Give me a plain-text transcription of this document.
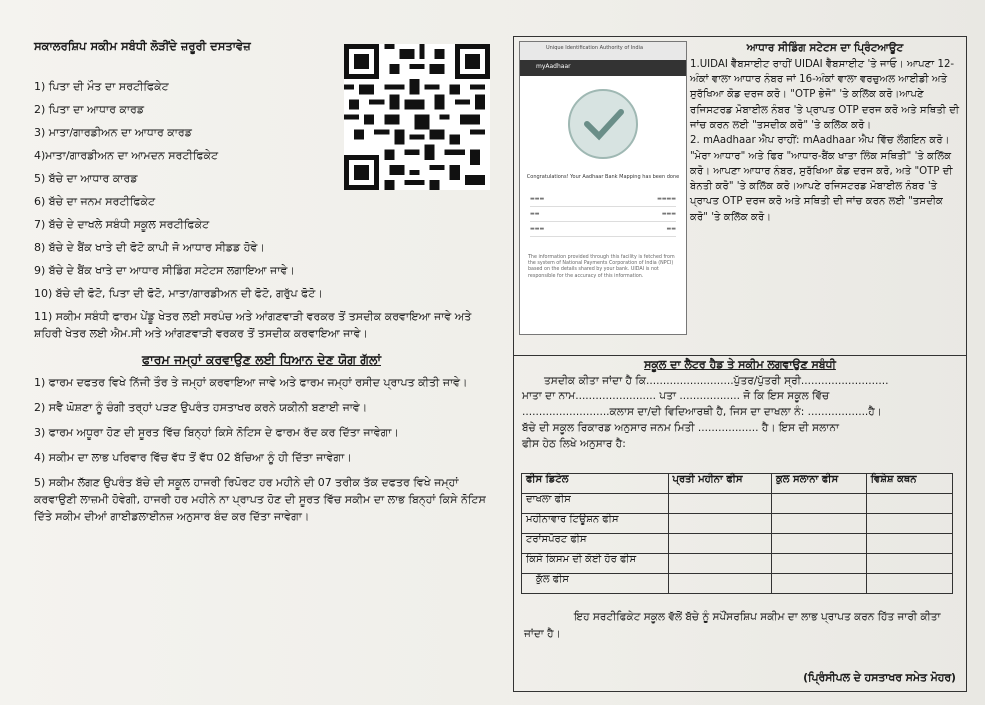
ਸਕਾਲਰਸ਼ਿਪ ਸਕੀਮ ਸਬੰਧੀ ਲੋੜੀਂਦੇ ਜ਼ਰੂਰੀ ਦਸਤਾਵੇਜ਼
1) ਪਿਤਾ ਦੀ ਮੌਤ ਦਾ ਸਰਟੀਫਿਕੇਟ
2) ਪਿਤਾ ਦਾ ਆਧਾਰ ਕਾਰਡ
3) ਮਾਤਾ/ਗਾਰਡੀਅਨ ਦਾ ਆਧਾਰ ਕਾਰਡ
4)ਮਾਤਾ/ਗਾਰਡੀਅਨ ਦਾ ਆਮਦਨ ਸਰਟੀਫਿਕੇਟ
5) ਬੱਚੇ ਦਾ ਆਧਾਰ ਕਾਰਡ
6) ਬੱਚੇ ਦਾ ਜਨਮ ਸਰਟੀਫਿਕੇਟ
7) ਬੱਚੇ ਦੇ ਦਾਖਲੇ ਸਬੰਧੀ ਸਕੂਲ ਸਰਟੀਫਿਕੇਟ
8) ਬੱਚੇ ਦੇ ਬੈਂਕ ਖਾਤੇ ਦੀ ਫੋਟੋ ਕਾਪੀ ਜੋ ਆਧਾਰ ਸੀਡਡ ਹੋਵੇ।
9) ਬੱਚੇ ਦੇ ਬੈਂਕ ਖਾਤੇ ਦਾ ਆਧਾਰ ਸੀਡਿੰਗ ਸਟੇਟਸ ਲਗਾਇਆ ਜਾਵੇ।
10) ਬੱਚੇ ਦੀ ਫੋਟੋ, ਪਿਤਾ ਦੀ ਫੋਟੋ, ਮਾਤਾ/ਗਾਰਡੀਅਨ ਦੀ ਫੋਟੋ, ਗਰੁੱਪ ਫੋਟੋ।
11) ਸਕੀਮ ਸਬੰਧੀ ਫਾਰਮ ਪੇਂਡੂ ਖੇਤਰ ਲਈ ਸਰਪੰਚ ਅਤੇ ਆਂਗਣਵਾੜੀ ਵਰਕਰ ਤੋਂ ਤਸਦੀਕ ਕਰਵਾਇਆ ਜਾਵੇ ਅਤੇ ਸ਼ਹਿਰੀ ਖੇਤਰ ਲਈ ਐਮ.ਸੀ ਅਤੇ ਆਂਗਣਵਾੜੀ ਵਰਕਰ ਤੋਂ ਤਸਦੀਕ ਕਰਵਾਇਆ ਜਾਵੇ।
ਫਾਰਮ ਜਮ੍ਹਾਂ ਕਰਵਾਉਣ ਲਈ ਧਿਆਨ ਦੇਣ ਯੋਗ ਗੱਲਾਂ

1) ਫਾਰਮ ਦਫਤਰ ਵਿਖੇ ਨਿੱਜੀ ਤੌਰ ਤੇ ਜਮ੍ਹਾਂ ਕਰਵਾਇਆ ਜਾਵੇ ਅਤੇ ਫਾਰਮ ਜਮ੍ਹਾਂ ਰਸੀਦ ਪ੍ਰਾਪਤ ਕੀਤੀ ਜਾਵੇ।

2) ਸਵੈ ਘੋਸ਼ਣਾ ਨੂੰ ਚੰਗੀ ਤਰ੍ਹਾਂ ਪੜਣ ਉਪਰੰਤ ਹਸਤਾਖਰ ਕਰਨੇ ਯਕੀਨੀ ਬਣਾਈ ਜਾਵੇ।

3) ਫਾਰਮ ਅਧੂਰਾ ਹੋਣ ਦੀ ਸੂਰਤ ਵਿੱਚ ਬਿਨ੍ਹਾਂ ਕਿਸੇ ਨੋਟਿਸ ਦੇ ਫਾਰਮ ਰੱਦ ਕਰ ਦਿੱਤਾ ਜਾਵੇਗਾ।

4) ਸਕੀਮ ਦਾ ਲਾਭ ਪਰਿਵਾਰ ਵਿੱਚ ਵੱਧ ਤੋਂ ਵੱਧ 02 ਬੱਚਿਆ ਨੂੰ ਹੀ ਦਿੱਤਾ ਜਾਵੇਗਾ।

5) ਸਕੀਮ ਲੱਗਣ ਉਪਰੰਤ ਬੱਚੇ ਦੀ ਸਕੂਲ ਹਾਜਰੀ ਰਿਪੋਰਟ ਹਰ ਮਹੀਨੇ ਦੀ 07 ਤਰੀਕ ਤੱਕ ਦਫਤਰ ਵਿਖੇ ਜਮ੍ਹਾਂ ਕਰਵਾਉਣੀ ਲਾਜ਼ਮੀ ਹੋਵੇਗੀ, ਹਾਜਰੀ ਹਰ ਮਹੀਨੇ ਨਾ ਪ੍ਰਾਪਤ ਹੋਣ ਦੀ ਸੂਰਤ ਵਿੱਚ ਸਕੀਮ ਦਾ ਲਾਭ ਬਿਨ੍ਹਾਂ ਕਿਸੇ ਨੋਟਿਸ ਦਿੱਤੇ ਸਕੀਮ ਦੀਆਂ ਗਾਈਡਲਾਈਨਜ਼ ਅਨੁਸਾਰ ਬੰਦ ਕਰ ਦਿੱਤਾ ਜਾਵੇਗਾ।

Unique Identification Authority of India
myAadhaar
Congratulations! Your Aadhaar Bank Mapping has been done
▬▬▬	▬▬▬▬
▬▬	▬▬▬
▬▬▬	▬▬
The information provided through this facility is fetched from the system of National Payments Corporation of India (NPCI) based on the details shared by your bank. UIDAI is not responsible for the accuracy of this information.
ਆਧਾਰ ਸੀਡਿੰਗ ਸਟੇਟਸ ਦਾ ਪ੍ਰਿੰਟਆਊਟ

1.UIDAI ਵੈੱਬਸਾਈਟ ਰਾਹੀਂ UIDAI ਵੈੱਬਸਾਈਟ 'ਤੇ ਜਾਓ। ਆਪਣਾ 12-ਅੰਕਾਂ ਵਾਲਾ ਆਧਾਰ ਨੰਬਰ ਜਾਂ 16-ਅੰਕਾਂ ਵਾਲਾ ਵਰਚੁਅਲ ਆਈਡੀ ਅਤੇ ਸੁਰੱਖਿਆ ਕੋਡ ਦਰਜ ਕਰੋ। "OTP ਭੇਜੋ" 'ਤੇ ਕਲਿੱਕ ਕਰੋ।ਆਪਣੇ ਰਜਿਸਟਰਡ ਮੋਬਾਈਲ ਨੰਬਰ 'ਤੇ ਪ੍ਰਾਪਤ OTP ਦਰਜ ਕਰੋ ਅਤੇ ਸਥਿਤੀ ਦੀ ਜਾਂਚ ਕਰਨ ਲਈ "ਤਸਦੀਕ ਕਰੋ" 'ਤੇ ਕਲਿੱਕ ਕਰੋ।

2. mAadhaar ਐਪ ਰਾਹੀਂ: mAadhaar ਐਪ ਵਿੱਚ ਲੌਗਇਨ ਕਰੋ। "ਮੇਰਾ ਆਧਾਰ" ਅਤੇ ਫਿਰ "ਆਧਾਰ-ਬੈਂਕ ਖਾਤਾ ਲਿੰਕ ਸਥਿਤੀ" 'ਤੇ ਕਲਿੱਕ ਕਰੋ। ਆਪਣਾ ਆਧਾਰ ਨੰਬਰ, ਸੁਰੱਖਿਆ ਕੋਡ ਦਰਜ ਕਰੋ, ਅਤੇ "OTP ਦੀ ਬੇਨਤੀ ਕਰੋ" 'ਤੇ ਕਲਿੱਕ ਕਰੋ।ਆਪਣੇ ਰਜਿਸਟਰਡ ਮੋਬਾਈਲ ਨੰਬਰ 'ਤੇ ਪ੍ਰਾਪਤ OTP ਦਰਜ ਕਰੋ ਅਤੇ ਸਥਿਤੀ ਦੀ ਜਾਂਚ ਕਰਨ ਲਈ "ਤਸਦੀਕ ਕਰੋ" 'ਤੇ ਕਲਿੱਕ ਕਰੋ।

ਸਕੂਲ ਦਾ ਲੈਟਰ ਹੈਡ ਤੇ ਸਕੀਮ ਲਗਵਾਉਣ ਸਬੰਧੀ
ਤਸਦੀਕ ਕੀਤਾ ਜਾਂਦਾ ਹੈ ਕਿ..........................ਪੁੱਤਰ/ਪੁੱਤਰੀ ਸ੍ਰੀ..........................
ਮਾਤਾ ਦਾ ਨਾਮ........................ ਪਤਾ .................. ਜੋ ਕਿ ਇਸ ਸਕੂਲ ਵਿੱਚ
..........................ਕਲਾਸ ਦਾ/ਦੀ ਵਿਦਿਆਰਥੀ ਹੈ, ਜਿਸ ਦਾ ਦਾਖਲਾ ਨੰ: ..................ਹੈ।
ਬੱਚੇ ਦੀ ਸਕੂਲ ਰਿਕਾਰਡ ਅਨੁਸਾਰ ਜਨਮ ਮਿਤੀ .................. ਹੈ। ਇਸ ਦੀ ਸਲਾਨਾ
ਫੀਸ ਹੇਠ ਲਿਖੇ ਅਨੁਸਾਰ ਹੈ:
ਫੀਸ ਡਿਟੇਲ	ਪ੍ਰਤੀ ਮਹੀਨਾ ਫੀਸ	ਕੁਲ ਸਲਾਨਾ ਫੀਸ	ਵਿਸ਼ੇਸ਼ ਕਥਨ
ਦਾਖਲਾ ਫੀਸ			
ਮਹੀਨਾਵਾਰ ਟਿਊਸ਼ਨ ਫੀਸ			
ਟਰਾਂਸਪੋਰਟ ਫੀਸ			
ਕਿਸੇ ਕਿਸਮ ਦੀ ਕੋਈ ਹੋਰ ਫੀਸ			
ਕੁੱਲ ਫੀਸ			
ਇਹ ਸਰਟੀਫਿਕੇਟ ਸਕੂਲ ਵੱਲੋਂ ਬੱਚੇ ਨੂੰ ਸਪੌਂਸਰਸ਼ਿਪ ਸਕੀਮ ਦਾ ਲਾਭ ਪ੍ਰਾਪਤ ਕਰਨ ਹਿੱਤ ਜਾਰੀ ਕੀਤਾ ਜਾਂਦਾ ਹੈ।
(ਪ੍ਰਿੰਸੀਪਲ ਦੇ ਹਸਤਾਖਰ ਸਮੇਤ ਮੋਹਰ)
